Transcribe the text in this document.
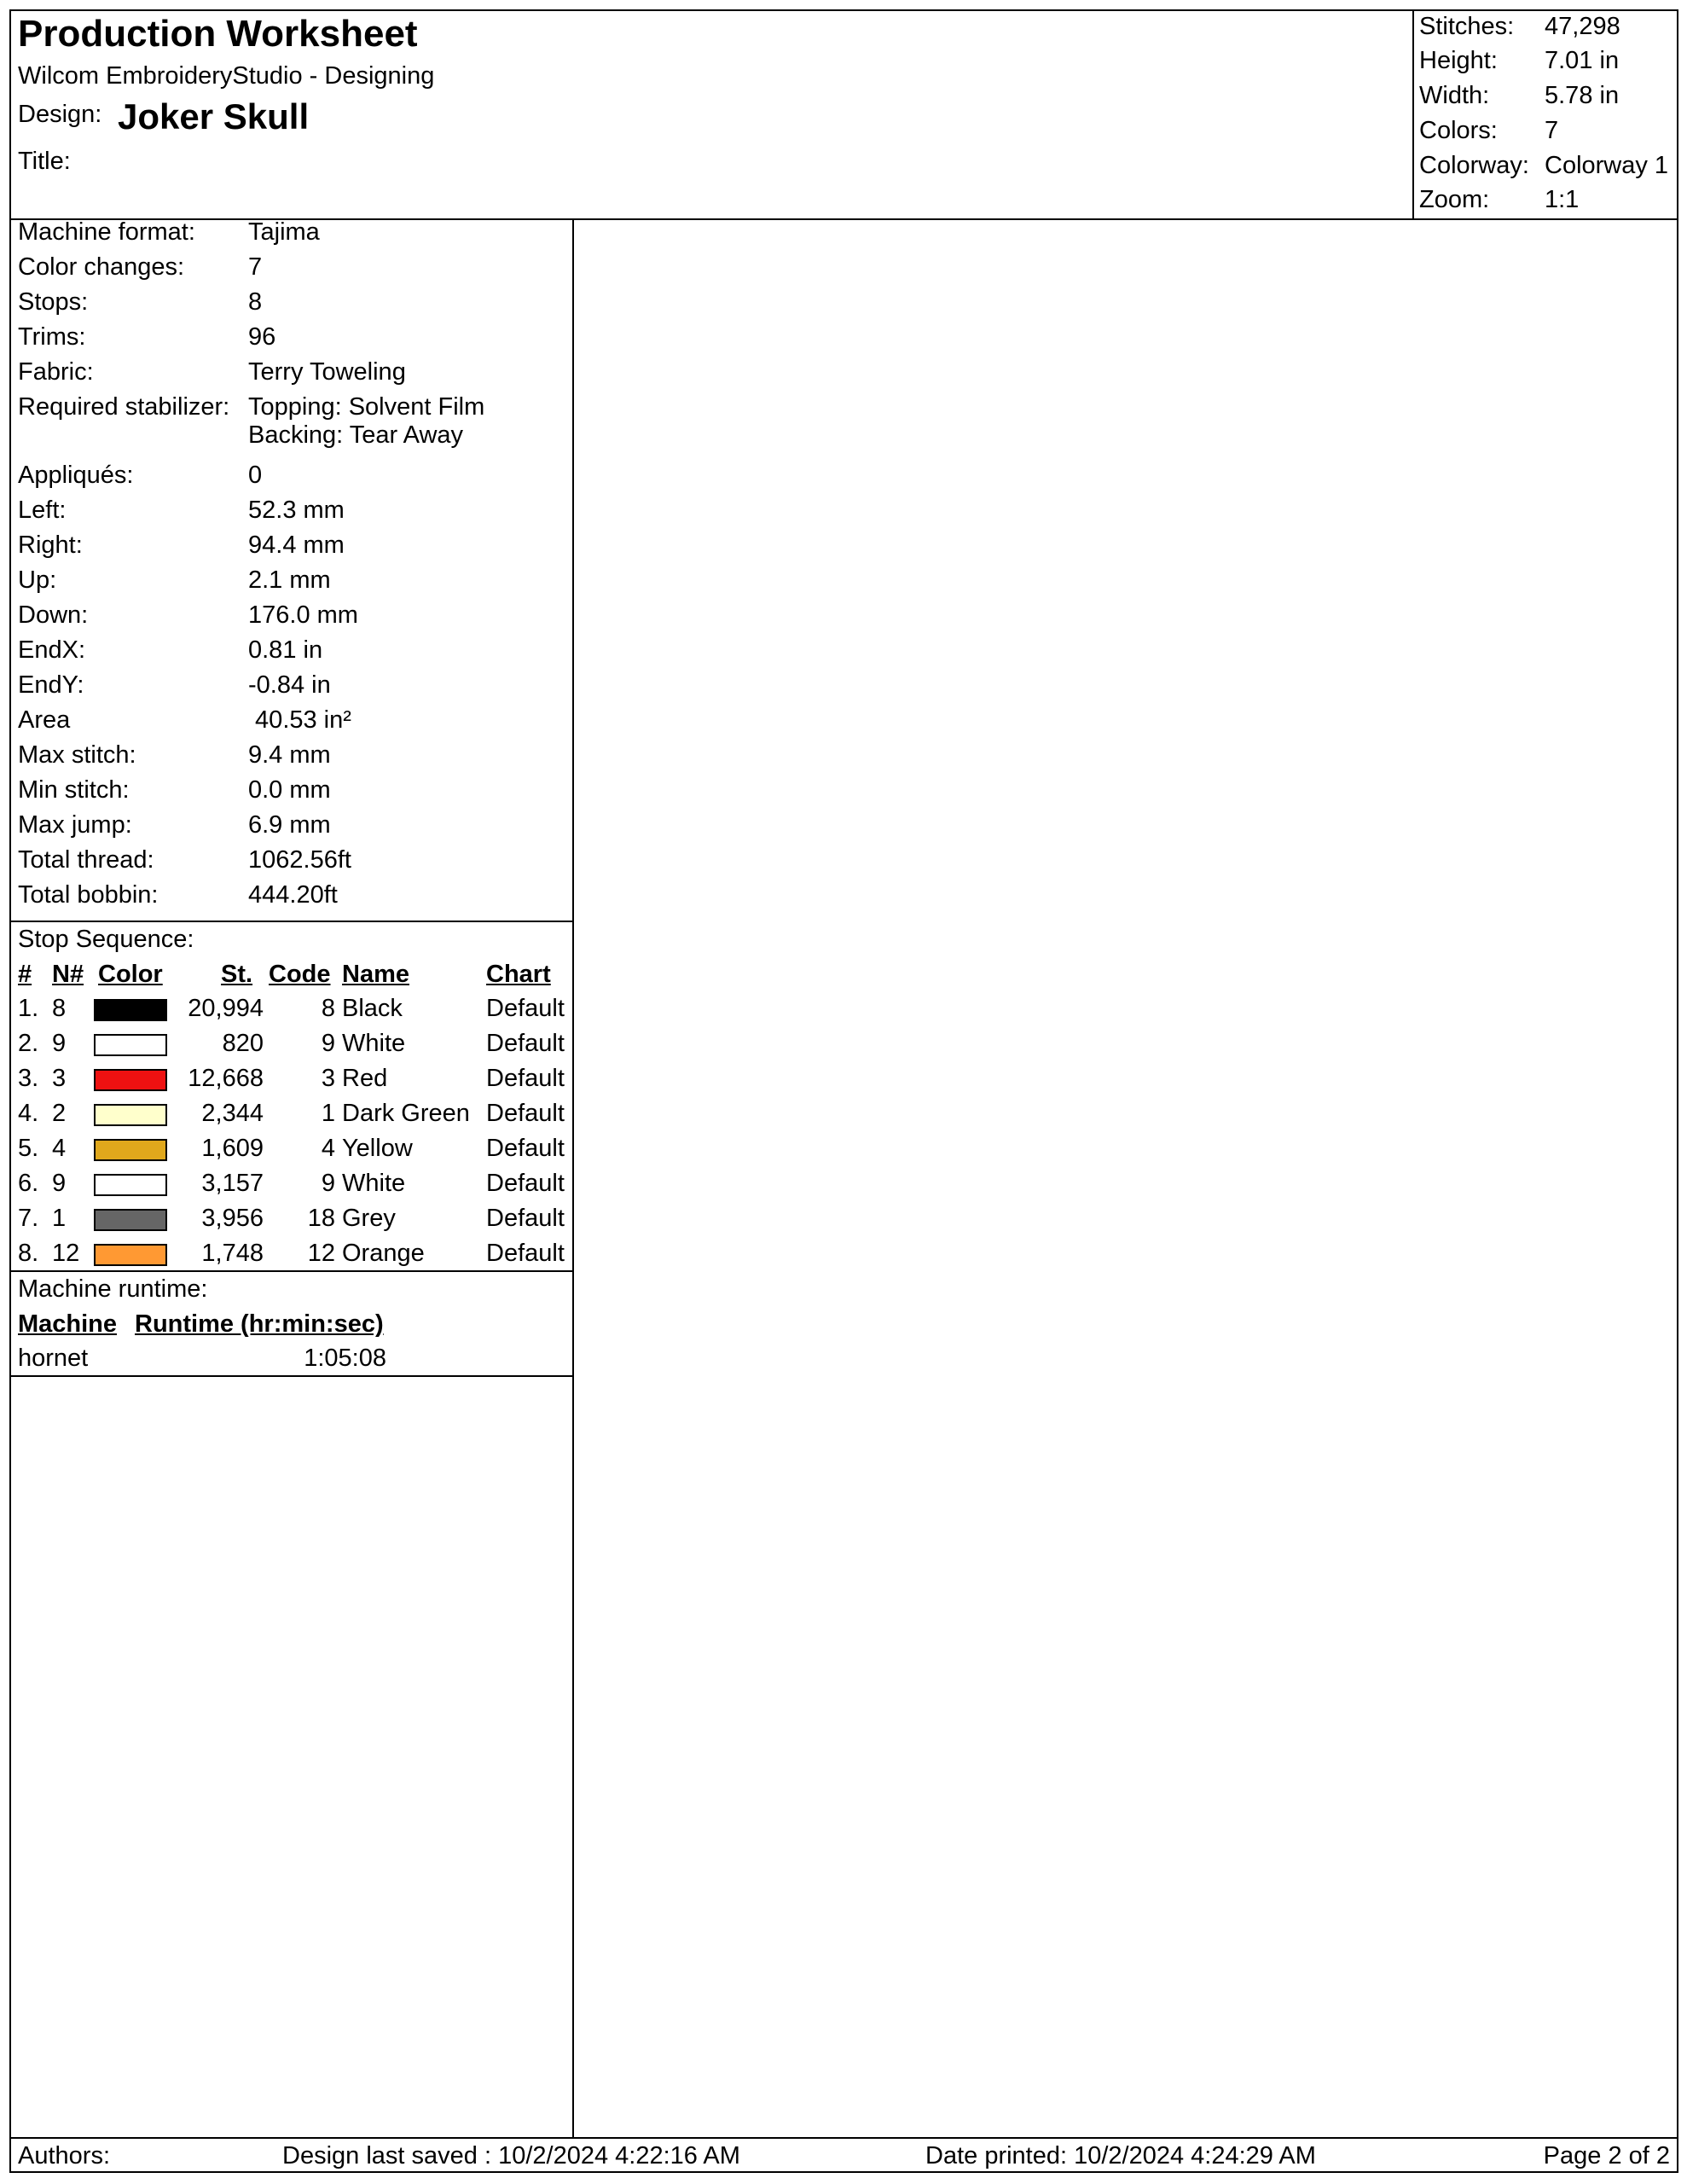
Production Worksheet
Wilcom EmbroideryStudio - Designing
Design: Joker Skull
Title:
Stitches: 47,298
Height: 7.01 in
Width: 5.78 in
Colors: 7
Colorway: Colorway 1
Zoom: 1:1
Machine format: Tajima
Color changes:	7
Stops:	8
Trims:	96
Fabric:	Terry Toweling
Required stabilizer: Topping: Solvent Film
Backing: Tear Away
Appliqués:	0
Left:	52.3 mm
Right:	94.4 mm
Up:	2.1 mm
Down:	176.0 mm
EndX:	0.81 in
EndY:	-0.84 in
Area	40.53 in²
Max stitch:	9.4 mm
Min stitch:	0.0 mm
Max jump:	6.9 mm
Total thread:	1062.56ft
Total bobbin:	444.20ft
Stop Sequence:
# N# Color St. Code Name	Chart
1. 8	20,994	8 Black	Default
2. 9	820	9 White	Default
3. 3	12,668	3 Red	Default
4. 2	2,344	1 Dark Green Default
5. 4	1,609	4 Yellow	Default
6. 9	3,157	9 White	Default
7. 1	3,956	18 Grey	Default
8. 12	1,748	12 Orange Default
Machine runtime:
Machine Runtime (hr:min:sec)
hornet	1:05:08
Authors:	Design last saved : 10/2/2024 4:22:16 AM	Date printed: 10/2/2024 4:24:29 AM	Page 2 of 2
